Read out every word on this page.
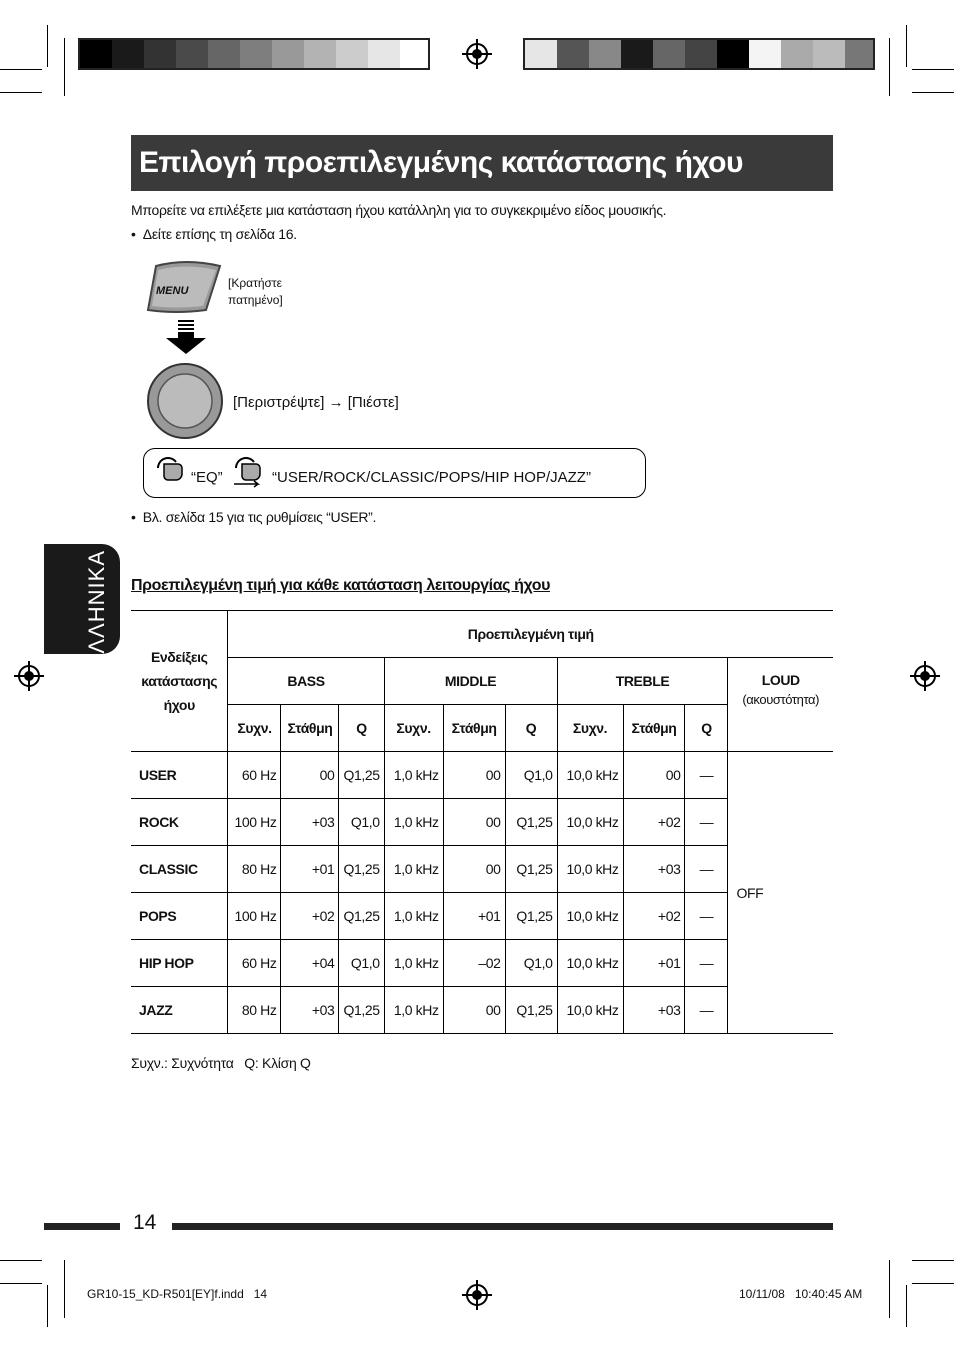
Επιλογή προεπιλεγμένης κατάστασης ήχου
Μπορείτε να επιλέξετε μια κατάσταση ήχου κατάλληλη για το συγκεκριμένο είδος μουσικής.
•  Δείτε επίσης τη σελίδα 16.
MENU
[Κρατήστε
πατημένο]
[Περιστρέψτε] → [Πιέστε]
“EQ”	“USER/ROCK/CLASSIC/POPS/HIP HOP/JAZZ”
•  Βλ. σελίδα 15 για τις ρυθμίσεις “USER”.
ΕΛΛΗΝΙΚΑ Προεπιλεγμένη τιμή για κάθε κατάσταση λειτουργίας ήχου
Ενδείξεις
κατάστασης
ήχου	Προεπιλεγμένη τιμή									
	BASS			MIDDLE			TREBLE			LOUD
(ακουστότητα)

	Συχν.	Στάθμη	Q	Συχν.	Στάθμη	Q	Συχν.	Στάθμη	Q	
USER	60 Hz	00	Q1,25	1,0 kHz	00	Q1,0	10,0 kHz	00	—	OFF
ROCK	100 Hz	+03	Q1,0	1,0 kHz	00	Q1,25	10,0 kHz	+02	—	
CLASSIC	80 Hz	+01	Q1,25	1,0 kHz	00	Q1,25	10,0 kHz	+03	—	
POPS	100 Hz	+02	Q1,25	1,0 kHz	+01	Q1,25	10,0 kHz	+02	—	
HIP HOP	60 Hz	+04	Q1,0	1,0 kHz	–02	Q1,0	10,0 kHz	+01	—	
JAZZ	80 Hz	+03	Q1,25	1,0 kHz	00	Q1,25	10,0 kHz	+03	—	
Συχν.: Συχνότητα   Q: Κλίση Q
14
GR10-15_KD-R501[EY]f.indd   14	10/11/08   10:40:45 AM
